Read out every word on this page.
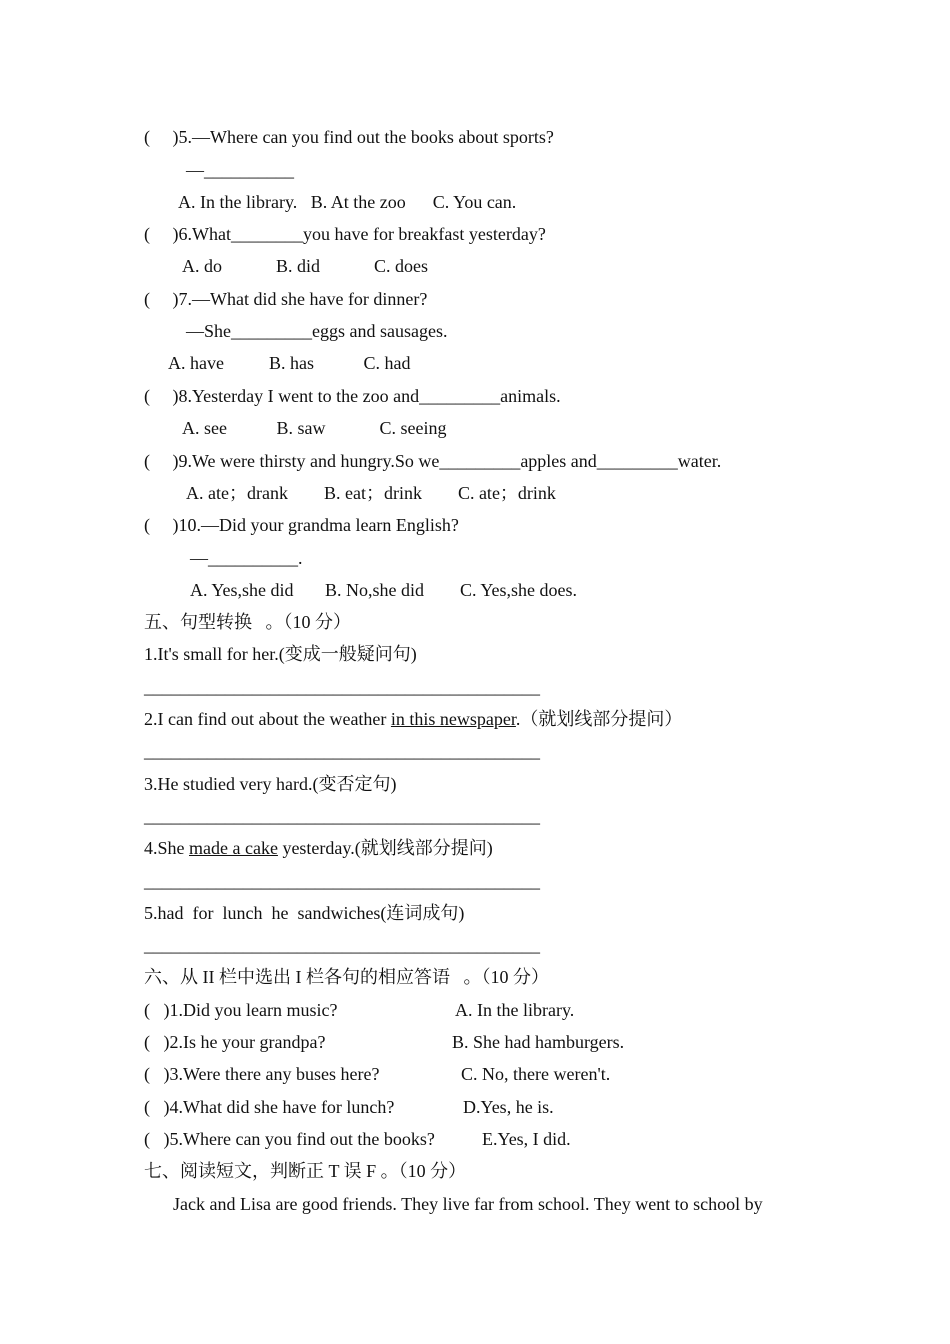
(     )5.—Where can you find out the books about sports?
—__________
A. In the library.   B. At the zoo      C. You can.
(     )6.What________you have for breakfast yesterday?
A. do            B. did            C. does
(     )7.—What did she have for dinner?
—She_________eggs and sausages.
A. have          B. has           C. had
(     )8.Yesterday I went to the zoo and_________animals.
A. see           B. saw            C. seeing
(     )9.We were thirsty and hungry.So we_________apples and_________water.
A. ate；drank        B. eat；drink        C. ate；drink
(     )10.—Did your grandma learn English?
—__________.
A. Yes,she did       B. No,she did        C. Yes,she does.
五、句型转换   。（10 分）
1.It's small for her.(变成一般疑问句)
____________________________________________
2.I can find out about the weather in this newspaper.（就划线部分提问）
____________________________________________
3.He studied very hard.(变否定句)
____________________________________________
4.She made a cake yesterday.(就划线部分提问)
____________________________________________
5.had  for  lunch  he  sandwiches(连词成句)
____________________________________________
六、从 II 栏中选出 I 栏各句的相应答语   。（10 分）
(   )1.Did you learn music?	A. In the library.
(   )2.Is he your grandpa?	B. She had hamburgers.
(   )3.Were there any buses here?	C. No, there weren't.
(   )4.What did she have for lunch?	D.Yes, he is.
(   )5.Where can you find out the books?	E.Yes, I did.
七、阅读短文，判断正 T 误 F 。（10 分）
Jack and Lisa are good friends. They live far from school. They went to school by
